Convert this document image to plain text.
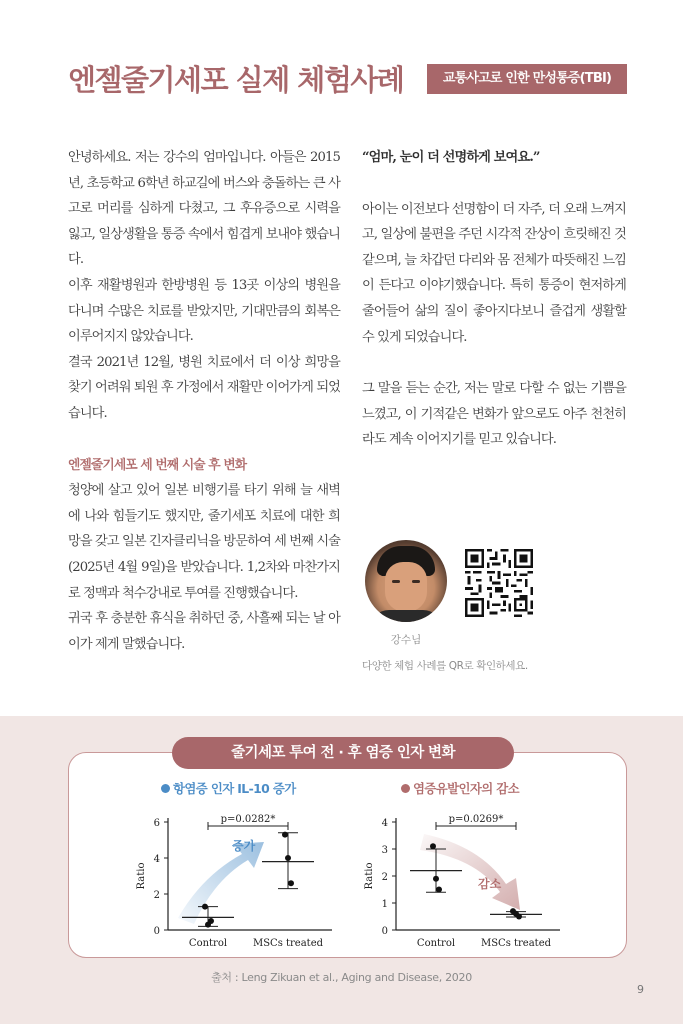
엔젤줄기세포 실제 체험사례	교통사고로 인한 만성통증(TBI)

안녕하세요. 저는 강수의 엄마입니다. 아들은 2015년, 초등학교 6학년 하교길에 버스와 충돌하는 큰 사고로 머리를 심하게 다쳤고, 그 후유증으로 시력을 잃고, 일상생활을 통증 속에서 힘겹게 보내야 했습니다.

이후 재활병원과 한방병원 등 13곳 이상의 병원을 다니며 수많은 치료를 받았지만, 기대만큼의 회복은 이루어지지 않았습니다.

결국 2021년 12월, 병원 치료에서 더 이상 희망을 찾기 어려워 퇴원 후 가정에서 재활만 이어가게 되었습니다.

엔젤줄기세포 세 번째 시술 후 변화

청양에 살고 있어 일본 비행기를 타기 위해 늘 새벽에 나와 힘들기도 했지만, 줄기세포 치료에 대한 희망을 갖고 일본 긴자클리닉을 방문하여 세 번째 시술(2025년 4월 9일)을 받았습니다. 1,2차와 마찬가지로 정맥과 척수강내로 투여를 진행했습니다.

귀국 후 충분한 휴식을 취하던 중, 사흘째 되는 날 아이가 제게 말했습니다.

“엄마, 눈이 더 선명하게 보여요.”

아이는 이전보다 선명함이 더 자주, 더 오래 느껴지고, 일상에 불편을 주던 시각적 잔상이 흐릿해진 것 같으며, 늘 차갑던 다리와 몸 전체가 따뜻해진 느낌이 든다고 이야기했습니다. 특히 통증이 현저하게 줄어들어 삶의 질이 좋아지다보니 즐겁게 생활할 수 있게 되었습니다.

그 말을 듣는 순간, 저는 말로 다할 수 없는 기쁨을 느꼈고, 이 기적같은 변화가 앞으로도 아주 천천히라도 계속 이어지기를 믿고 있습니다.

강수님
다양한 체험 사례를 QR로 확인하세요.
줄기세포 투여 전 · 후 염증 인자 변화
항염증 인자 IL-10 증가	염증유발인자의 감소
증가
0
2
4
6
Ratio
Control	MSCs treated
p=0.0282*
감소
0
1
2
3
4
Ratio
Control	MSCs treated
p=0.0269*
출처 : Leng Zikuan et al., Aging and Disease, 2020
9
